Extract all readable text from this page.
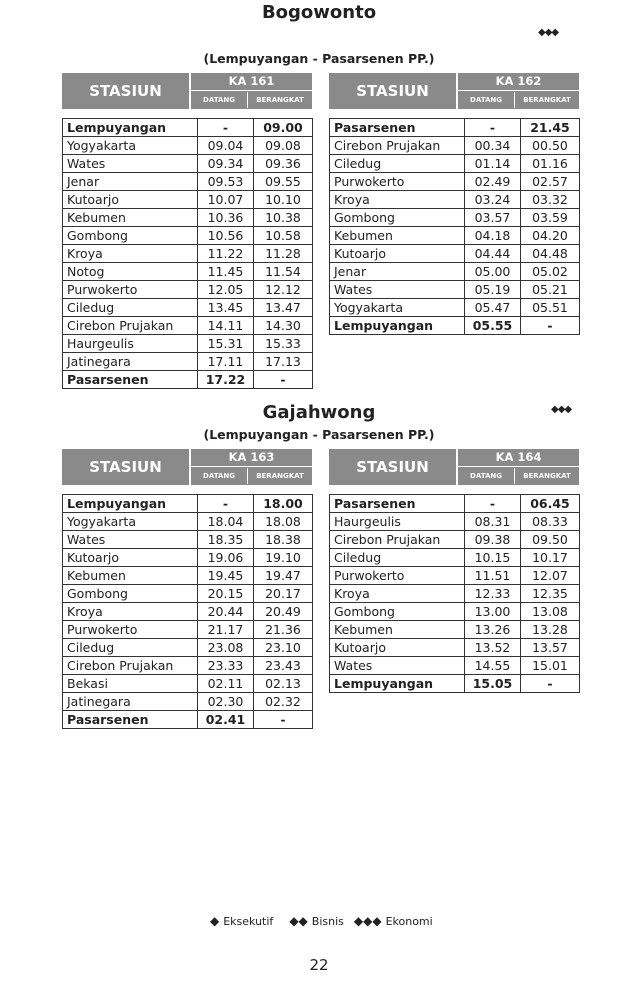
Bogowonto
◆◆◆
(Lempuyangan - Pasarsenen PP.)
STASIUN
KA 161
DATANG	BERANGKAT
Lempuyangan	-	09.00
Yogyakarta	09.04	09.08
Wates	09.34	09.36
Jenar	09.53	09.55
Kutoarjo	10.07	10.10
Kebumen	10.36	10.38
Gombong	10.56	10.58
Kroya	11.22	11.28
Notog	11.45	11.54
Purwokerto	12.05	12.12
Ciledug	13.45	13.47
Cirebon Prujakan	14.11	14.30
Haurgeulis	15.31	15.33
Jatinegara	17.11	17.13
Pasarsenen	17.22	-
STASIUN
KA 162
DATANG	BERANGKAT
Pasarsenen	-	21.45
Cirebon Prujakan	00.34	00.50
Ciledug	01.14	01.16
Purwokerto	02.49	02.57
Kroya	03.24	03.32
Gombong	03.57	03.59
Kebumen	04.18	04.20
Kutoarjo	04.44	04.48
Jenar	05.00	05.02
Wates	05.19	05.21
Yogyakarta	05.47	05.51
Lempuyangan	05.55	-
Gajahwong	◆◆◆
(Lempuyangan - Pasarsenen PP.)
STASIUN
KA 163
DATANG	BERANGKAT
Lempuyangan	-	18.00
Yogyakarta	18.04	18.08
Wates	18.35	18.38
Kutoarjo	19.06	19.10
Kebumen	19.45	19.47
Gombong	20.15	20.17
Kroya	20.44	20.49
Purwokerto	21.17	21.36
Ciledug	23.08	23.10
Cirebon Prujakan	23.33	23.43
Bekasi	02.11	02.13
Jatinegara	02.30	02.32
Pasarsenen	02.41	-
STASIUN
KA 164
DATANG	BERANGKAT
Pasarsenen	-	06.45
Haurgeulis	08.31	08.33
Cirebon Prujakan	09.38	09.50
Ciledug	10.15	10.17
Purwokerto	11.51	12.07
Kroya	12.33	12.35
Gombong	13.00	13.08
Kebumen	13.26	13.28
Kutoarjo	13.52	13.57
Wates	14.55	15.01
Lempuyangan	15.05	-
◆ Eksekutif ◆◆ Bisnis ◆◆◆ Ekonomi
22
